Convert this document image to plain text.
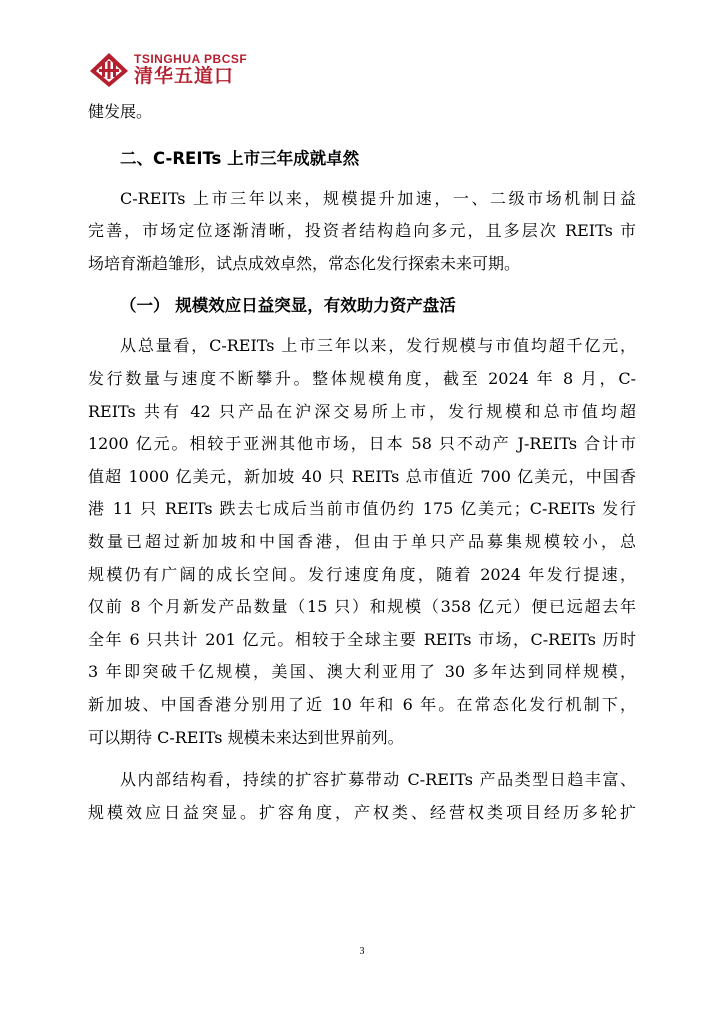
TSINGHUA PBCSF
清华五道口
健发展。
二、C-REITs 上市三年成就卓然
C-REITs 上市三年以来，规模提升加速，一、二级市场机制日益
完善，市场定位逐渐清晰，投资者结构趋向多元，且多层次 REITs 市
场培育渐趋雏形，试点成效卓然，常态化发行探索未来可期。
（一） 规模效应日益突显，有效助力资产盘活
从总量看，C-REITs 上市三年以来，发行规模与市值均超千亿元，
发行数量与速度不断攀升。整体规模角度，截至 2024 年 8 月，C-
REITs 共有 42 只产品在沪深交易所上市，发行规模和总市值均超
1200 亿元。相较于亚洲其他市场，日本 58 只不动产 J-REITs 合计市
值超 1000 亿美元，新加坡 40 只 REITs 总市值近 700 亿美元，中国香
港 11 只 REITs 跌去七成后当前市值仍约 175 亿美元；C-REITs 发行
数量已超过新加坡和中国香港，但由于单只产品募集规模较小，总
规模仍有广阔的成长空间。发行速度角度，随着 2024 年发行提速，
仅前 8 个月新发产品数量（15 只）和规模（358 亿元）便已远超去年
全年 6 只共计 201 亿元。相较于全球主要 REITs 市场，C-REITs 历时
3 年即突破千亿规模，美国、澳大利亚用了 30 多年达到同样规模，
新加坡、中国香港分别用了近 10 年和 6 年。在常态化发行机制下，
可以期待 C-REITs 规模未来达到世界前列。
从内部结构看，持续的扩容扩募带动 C-REITs 产品类型日趋丰富、
规模效应日益突显。扩容角度，产权类、经营权类项目经历多轮扩
3
